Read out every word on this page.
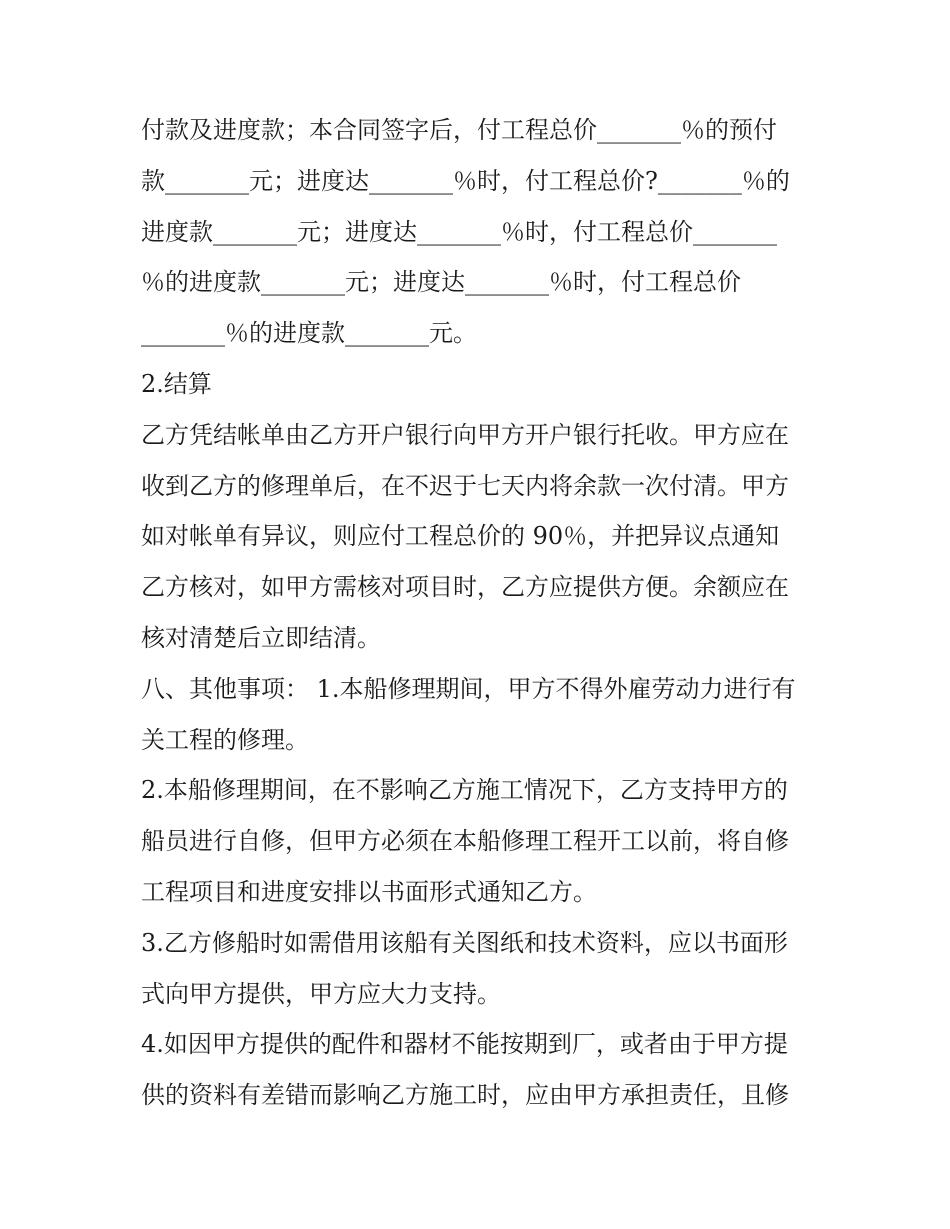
付款及进度款；本合同签字后，付工程总价_______％的预付
款_______元；进度达_______％时，付工程总价?_______％的
进度款_______元；进度达_______％时，付工程总价_______
％的进度款_______元；进度达_______％时，付工程总价
_______％的进度款_______元。
2.结算
乙方凭结帐单由乙方开户银行向甲方开户银行托收。甲方应在
收到乙方的修理单后，在不迟于七天内将余款一次付清。甲方
如对帐单有异议，则应付工程总价的 90％，并把异议点通知
乙方核对，如甲方需核对项目时，乙方应提供方便。余额应在
核对清楚后立即结清。
八、其他事项： 1.本船修理期间，甲方不得外雇劳动力进行有
关工程的修理。
2.本船修理期间，在不影响乙方施工情况下，乙方支持甲方的
船员进行自修，但甲方必须在本船修理工程开工以前，将自修
工程项目和进度安排以书面形式通知乙方。
3.乙方修船时如需借用该船有关图纸和技术资料，应以书面形
式向甲方提供，甲方应大力支持。
4.如因甲方提供的配件和器材不能按期到厂，或者由于甲方提
供的资料有差错而影响乙方施工时，应由甲方承担责任，且修
